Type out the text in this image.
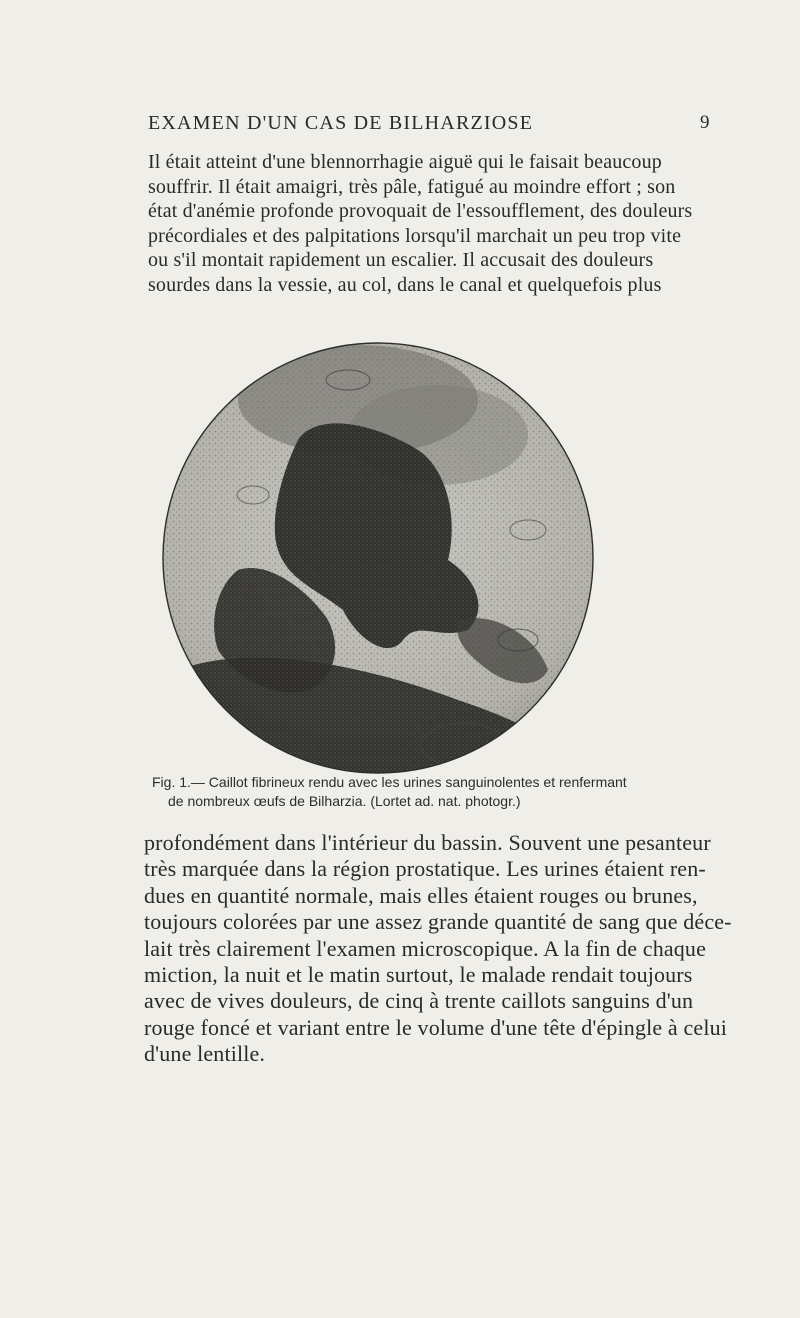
EXAMEN D'UN CAS DE BILHARZIOSE	9
Il était atteint d'une blennorrhagie aiguë qui le faisait beaucoup
souffrir. Il était amaigri, très pâle, fatigué au moindre effort ; son
état d'anémie profonde provoquait de l'essoufflement, des douleurs
précordiales et des palpitations lorsqu'il marchait un peu trop vite
ou s'il montait rapidement un escalier. Il accusait des douleurs
sourdes dans la vessie, au col, dans le canal et quelquefois plus
Fig. 1.— Caillot fibrineux rendu avec les urines sanguinolentes et renfermant
de nombreux œufs de Bilharzia. (Lortet ad. nat. photogr.)
profondément dans l'intérieur du bassin. Souvent une pesanteur
très marquée dans la région prostatique. Les urines étaient ren-
dues en quantité normale, mais elles étaient rouges ou brunes,
toujours colorées par une assez grande quantité de sang que déce-
lait très clairement l'examen microscopique. A la fin de chaque
miction, la nuit et le matin surtout, le malade rendait toujours
avec de vives douleurs, de cinq à trente caillots sanguins d'un
rouge foncé et variant entre le volume d'une tête d'épingle à celui
d'une lentille.
